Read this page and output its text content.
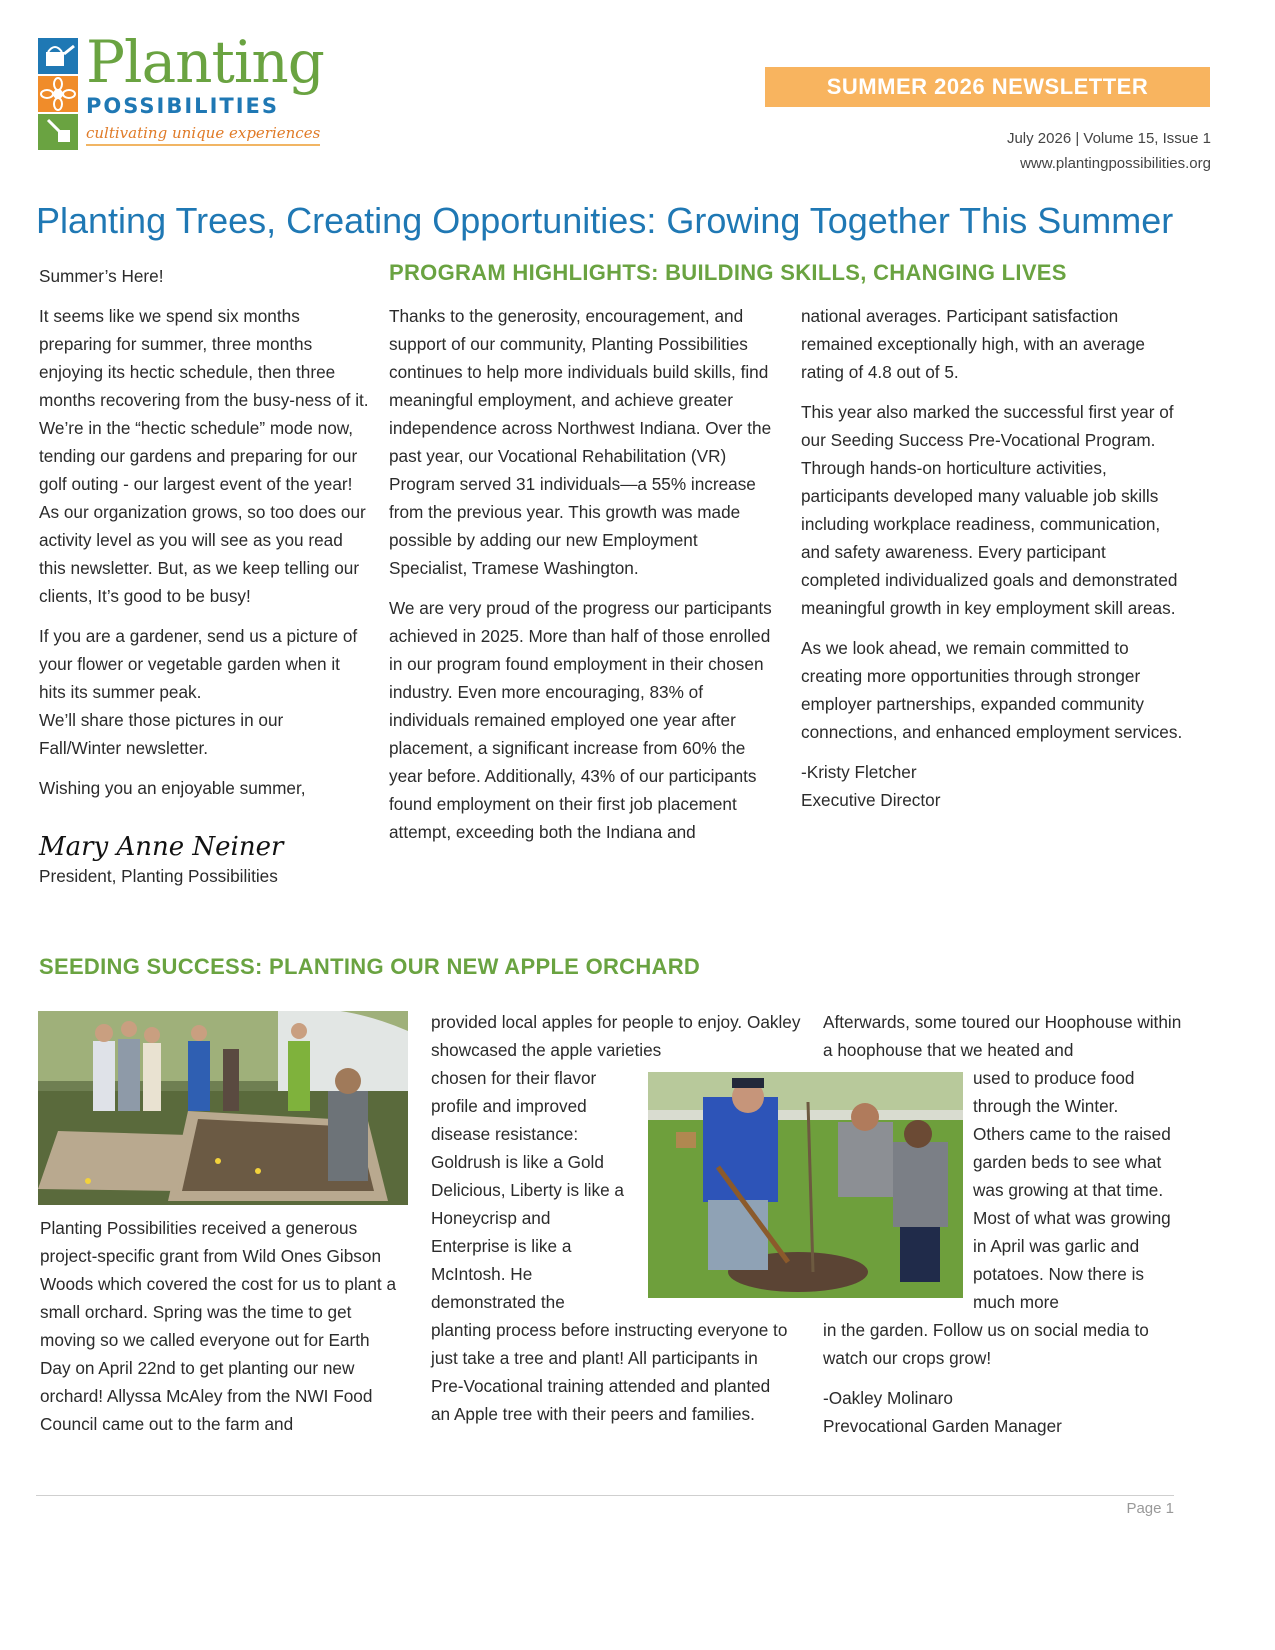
Planting
POSSIBILITIES
cultivating unique experiences
SUMMER 2026 NEWSLETTER
July 2026 | Volume 15, Issue 1
www.plantingpossibilities.org
Planting Trees, Creating Opportunities: Growing Together This Summer

Summer’s Here!

It seems like we spend six months preparing for summer, three months enjoying its hectic schedule, then three months recovering from the busy-ness of it. We’re in the “hectic schedule” mode now, tending our gardens and preparing for our golf outing - our largest event of the year! As our organization grows, so too does our activity level as you will see as you read this newsletter. But, as we keep telling our clients, It’s good to be busy!

If you are a gardener, send us a picture of your flower or vegetable garden when it hits its summer peak.

We’ll share those pictures in our Fall/Winter newsletter.

Wishing you an enjoyable summer,

Mary Anne Neiner

President, Planting Possibilities

PROGRAM HIGHLIGHTS: BUILDING SKILLS, CHANGING LIVES

Thanks to the generosity, encouragement, and support of our community, Planting Possibilities continues to help more individuals build skills, find meaningful employment, and achieve greater independence across Northwest Indiana. Over the past year, our Vocational Rehabilitation (VR) Program served 31 individuals—a 55% increase from the previous year. This growth was made possible by adding our new Employment Specialist, Tramese Washington.

We are very proud of the progress our participants achieved in 2025. More than half of those enrolled in our program found employment in their chosen industry. Even more encouraging, 83% of individuals remained employed one year after placement, a significant increase from 60% the year before. Additionally, 43% of our participants found employment on their first job placement attempt, exceeding both the Indiana and

national averages. Participant satisfaction remained exceptionally high, with an average rating of 4.8 out of 5.

This year also marked the successful first year of our Seeding Success Pre-Vocational Program. Through hands-on horticulture activities, participants developed many valuable job skills including workplace readiness, communication, and safety awareness. Every participant completed individualized goals and demonstrated meaningful growth in key employment skill areas.

As we look ahead, we remain committed to creating more opportunities through stronger employer partnerships, expanded community connections, and enhanced employment services.

-Kristy Fletcher

Executive Director

SEEDING SUCCESS: PLANTING OUR NEW APPLE ORCHARD

Planting Possibilities received a generous project-specific grant from Wild Ones Gibson Woods which covered the cost for us to plant a small orchard. Spring was the time to get moving so we called everyone out for Earth Day on April 22nd to get planting our new orchard! Allyssa McAley from the NWI Food Council came out to the farm and

provided local apples for people to enjoy. Oakley showcased the apple varieties

chosen for their flavor profile and improved disease resistance: Goldrush is like a Gold Delicious, Liberty is like a Honeycrisp and Enterprise is like a McIntosh. He demonstrated the

planting process before instructing everyone to just take a tree and plant! All participants in Pre-Vocational training attended and planted an Apple tree with their peers and families.

Afterwards, some toured our Hoophouse within a hoophouse that we heated and

used to produce food through the Winter. Others came to the raised garden beds to see what was growing at that time. Most of what was growing in April was garlic and potatoes. Now there is much more

in the garden. Follow us on social media to watch our crops grow!

-Oakley Molinaro

Prevocational Garden Manager

Page 1
